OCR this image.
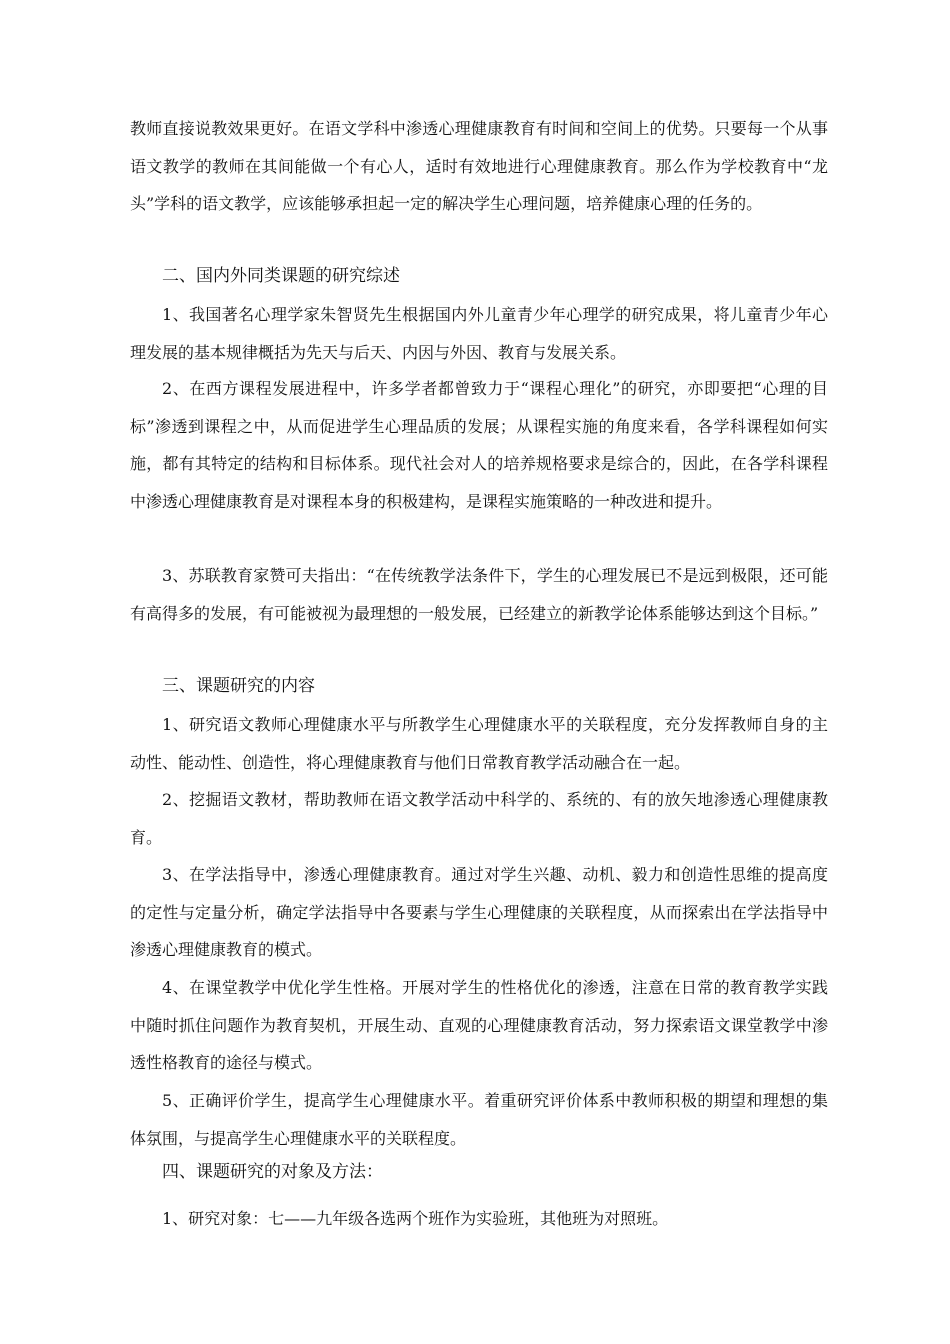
教师直接说教效果更好。在语文学科中渗透心理健康教育有时间和空间上的优势。只要每一个从事语文教学的教师在其间能做一个有心人，适时有效地进行心理健康教育。那么作为学校教育中“龙头”学科的语文教学，应该能够承担起一定的解决学生心理问题，培养健康心理的任务的。

二、国内外同类课题的研究综述

1、我国著名心理学家朱智贤先生根据国内外儿童青少年心理学的研究成果，将儿童青少年心理发展的基本规律概括为先天与后天、内因与外因、教育与发展关系。

2、在西方课程发展进程中，许多学者都曾致力于“课程心理化”的研究，亦即要把“心理的目标”渗透到课程之中，从而促进学生心理品质的发展；从课程实施的角度来看，各学科课程如何实施，都有其特定的结构和目标体系。现代社会对人的培养规格要求是综合的，因此，在各学科课程中渗透心理健康教育是对课程本身的积极建构，是课程实施策略的一种改进和提升。

3、苏联教育家赞可夫指出：“在传统教学法条件下，学生的心理发展已不是远到极限，还可能有高得多的发展，有可能被视为最理想的一般发展，已经建立的新教学论体系能够达到这个目标。”

三、课题研究的内容

1、研究语文教师心理健康水平与所教学生心理健康水平的关联程度，充分发挥教师自身的主动性、能动性、创造性，将心理健康教育与他们日常教育教学活动融合在一起。

2、挖掘语文教材，帮助教师在语文教学活动中科学的、系统的、有的放矢地渗透心理健康教育。

3、在学法指导中，渗透心理健康教育。通过对学生兴趣、动机、毅力和创造性思维的提高度的定性与定量分析，确定学法指导中各要素与学生心理健康的关联程度，从而探索出在学法指导中渗透心理健康教育的模式。

4、在课堂教学中优化学生性格。开展对学生的性格优化的渗透，注意在日常的教育教学实践中随时抓住问题作为教育契机，开展生动、直观的心理健康教育活动，努力探索语文课堂教学中渗透性格教育的途径与模式。

5、正确评价学生，提高学生心理健康水平。着重研究评价体系中教师积极的期望和理想的集体氛围，与提高学生心理健康水平的关联程度。

四、课题研究的对象及方法：

1、研究对象：七——九年级各选两个班作为实验班，其他班为对照班。
